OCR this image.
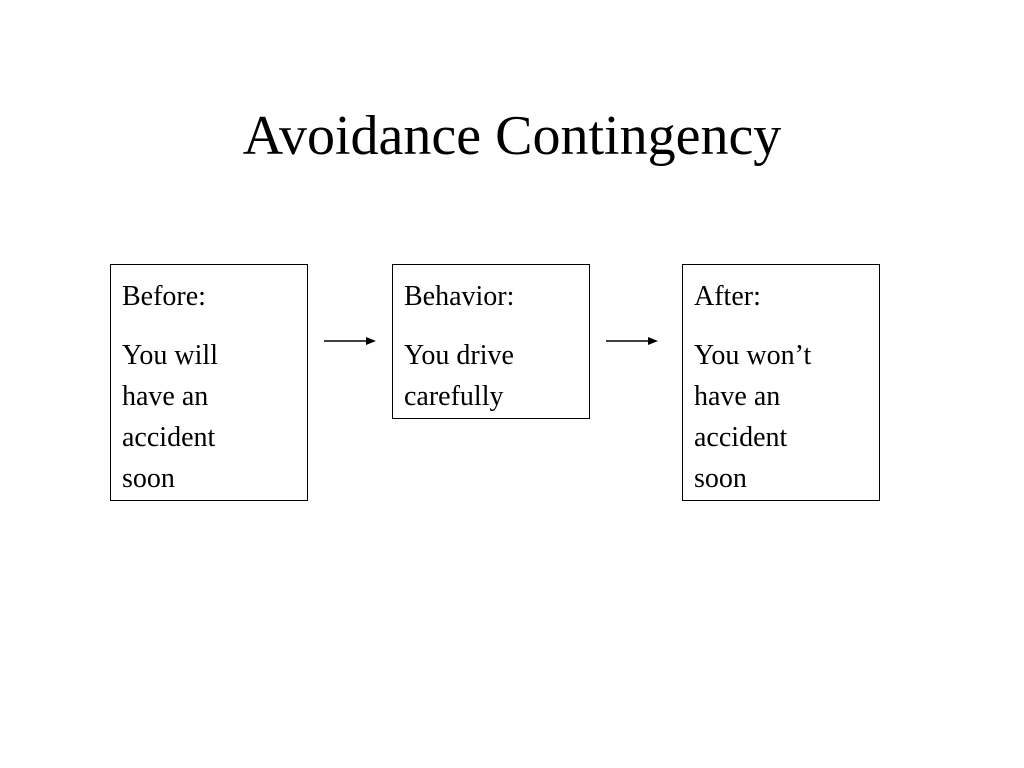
Avoidance Contingency

Before:

You will
have an
accident
soon

Behavior:

You drive
carefully

After:

You won’t
have an
accident
soon
